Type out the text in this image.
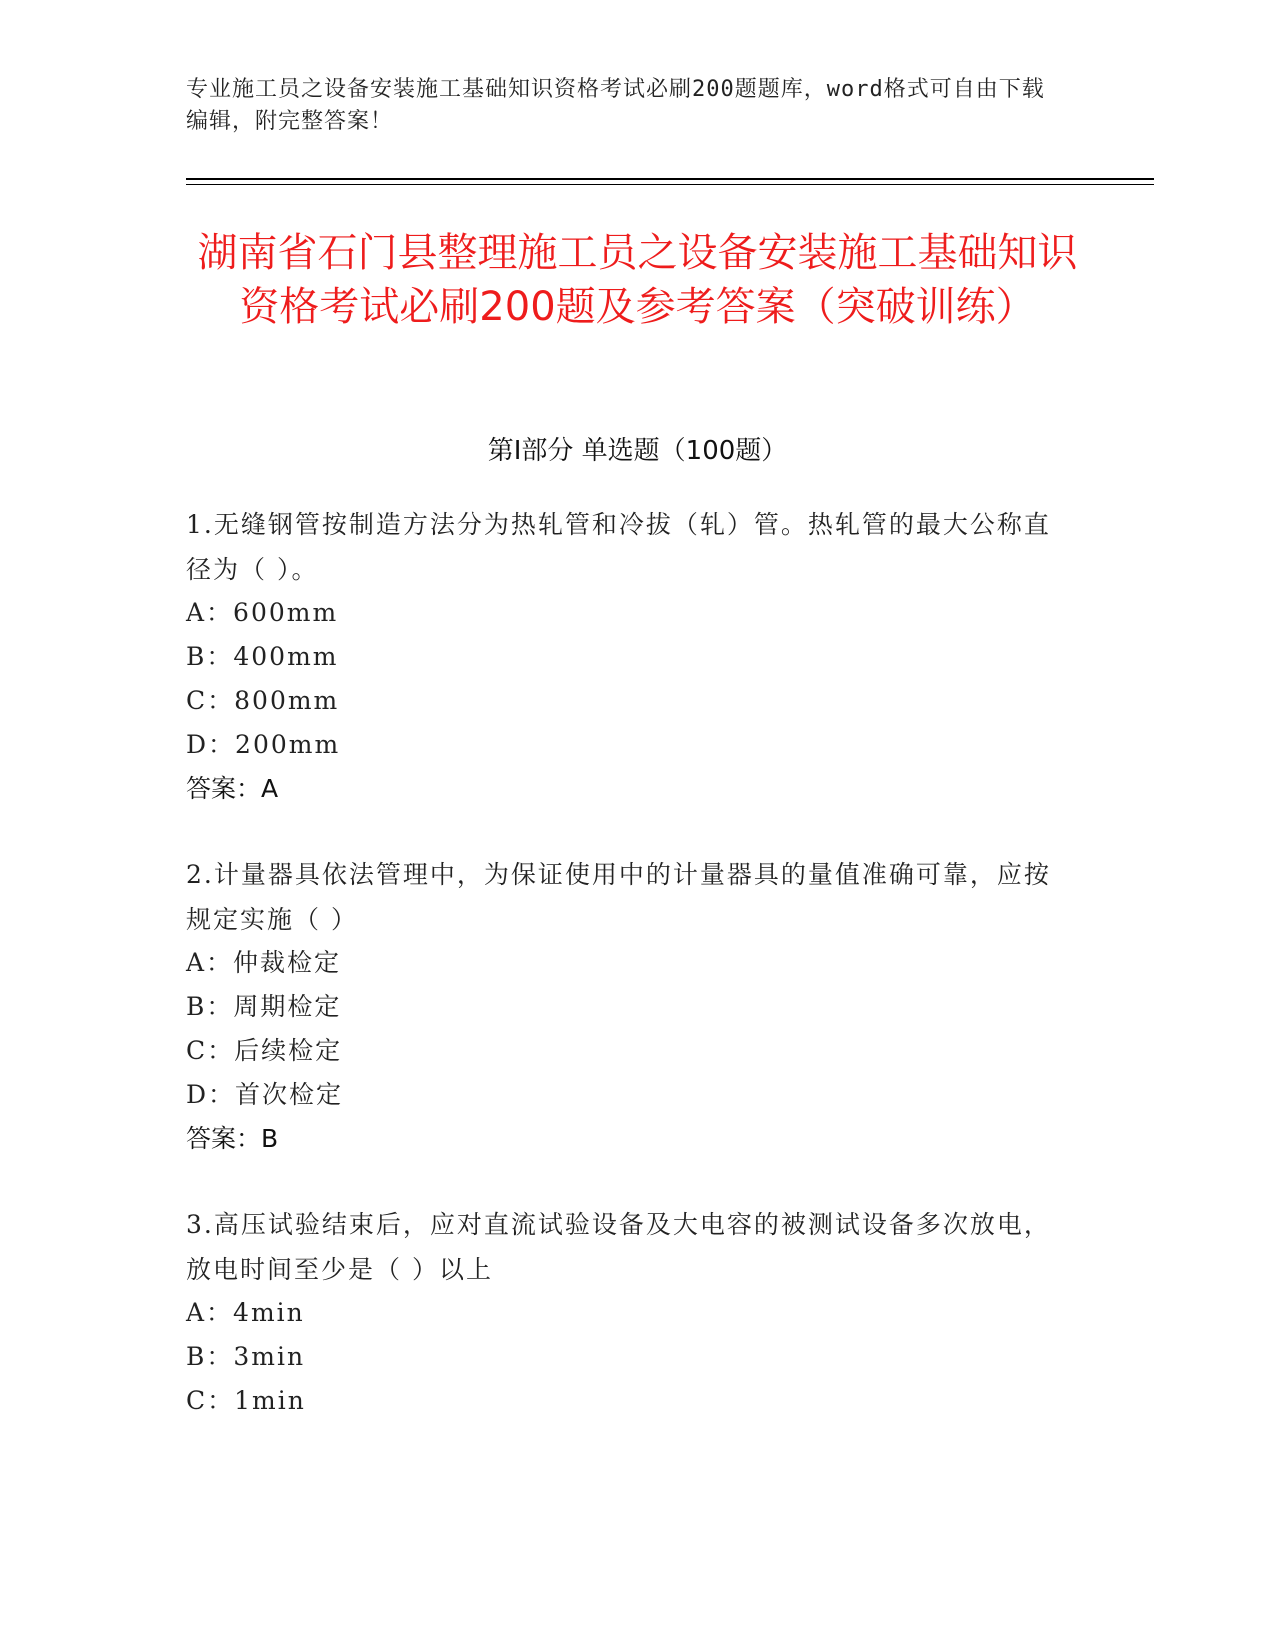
专业施工员之设备安装施工基础知识资格考试必刷200题题库，word格式可自由下载编辑，附完整答案！
湖南省石门县整理施工员之设备安装施工基础知识资格考试必刷200题及参考答案（突破训练）
第I部分 单选题（100题）
1.无缝钢管按制造方法分为热轧管和冷拔（轧）管。热轧管的最大公称直径为（ ）。
A：600mm
B：400mm
C：800mm
D：200mm
答案：A
2.计量器具依法管理中，为保证使用中的计量器具的量值准确可靠，应按规定实施（ ）
A：仲裁检定
B：周期检定
C：后续检定
D：首次检定
答案：B
3.高压试验结束后，应对直流试验设备及大电容的被测试设备多次放电，放电时间至少是（ ）以上
A：4min
B：3min
C：1min
